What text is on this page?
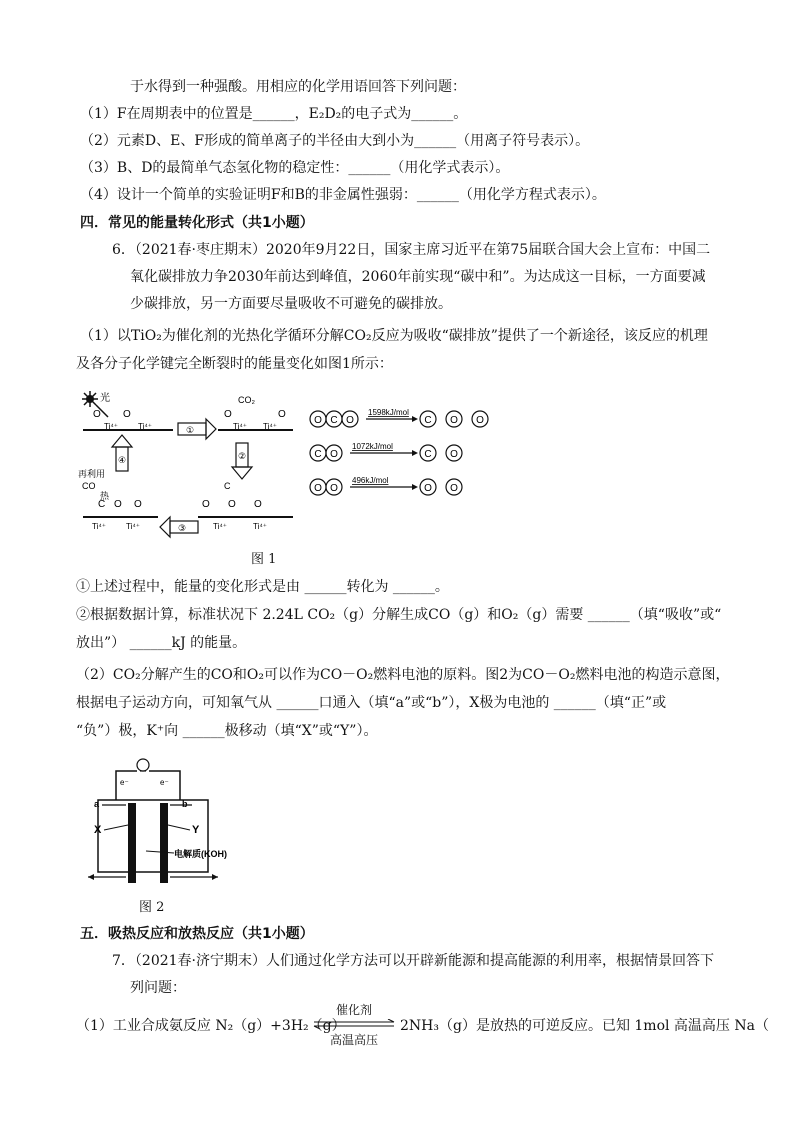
于水得到一种强酸。用相应的化学用语回答下列问题：
（1）F在周期表中的位置是______，E₂D₂的电子式为______。
（2）元素D、E、F形成的简单离子的半径由大到小为______（用离子符号表示）。
（3）B、D的最简单气态氢化物的稳定性：______（用化学式表示）。
（4）设计一个简单的实验证明F和B的非金属性强弱：______（用化学方程式表示）。
四．常见的能量转化形式（共1小题）
6．（2021春·枣庄期末）2020年9月22日，国家主席习近平在第75届联合国大会上宣布：中国二
氧化碳排放力争2030年前达到峰值，2060年前实现“碳中和”。为达成这一目标，一方面要减
少碳排放，另一方面要尽量吸收不可避免的碳排放。
（1）以TiO₂为催化剂的光热化学循环分解CO₂反应为吸收“碳排放”提供了一个新途径，该反应的机理
及各分子化学键完全断裂时的能量变化如图1所示：
光
O O
Ti⁴⁺ Ti⁴⁺	①
CO₂
Ti⁴⁺ Ti⁴⁺
O	O
②
C
O O O
Ti⁴⁺	Ti⁴⁺
③
再利用
CO
热
C O O
Ti⁴⁺ Ti⁴⁺
④
O C O
1598kJ/mol
C O O
C O
1072kJ/mol
C O
O O
496kJ/mol
O O
图 1
①上述过程中，能量的变化形式是由 ______转化为 ______。
②根据数据计算，标准状况下 2.24L CO₂（g）分解生成CO（g）和O₂（g）需要 ______（填“吸收”或“
放出”） ______kJ 的能量。
（2）CO₂分解产生的CO和O₂可以作为CO－O₂燃料电池的原料。图2为CO－O₂燃料电池的构造示意图，
根据电子运动方向，可知氧气从 ______口通入（填“a”或“b”），X极为电池的 ______（填“正”或
“负”）极，K⁺向 ______极移动（填“X”或“Y”）。
e⁻	e⁻
a	b
X	Y
电解质(KOH)
图 2
五．吸热反应和放热反应（共1小题）
7．（2021春·济宁期末）人们通过化学方法可以开辟新能源和提高能源的利用率，根据情景回答下
列问题：
（1）工业合成氨反应 N₂（g）+3H₂（g）
催化剂
高温高压
2NH₃（g）是放热的可逆反应。已知 1mol 高温高压 Na（
